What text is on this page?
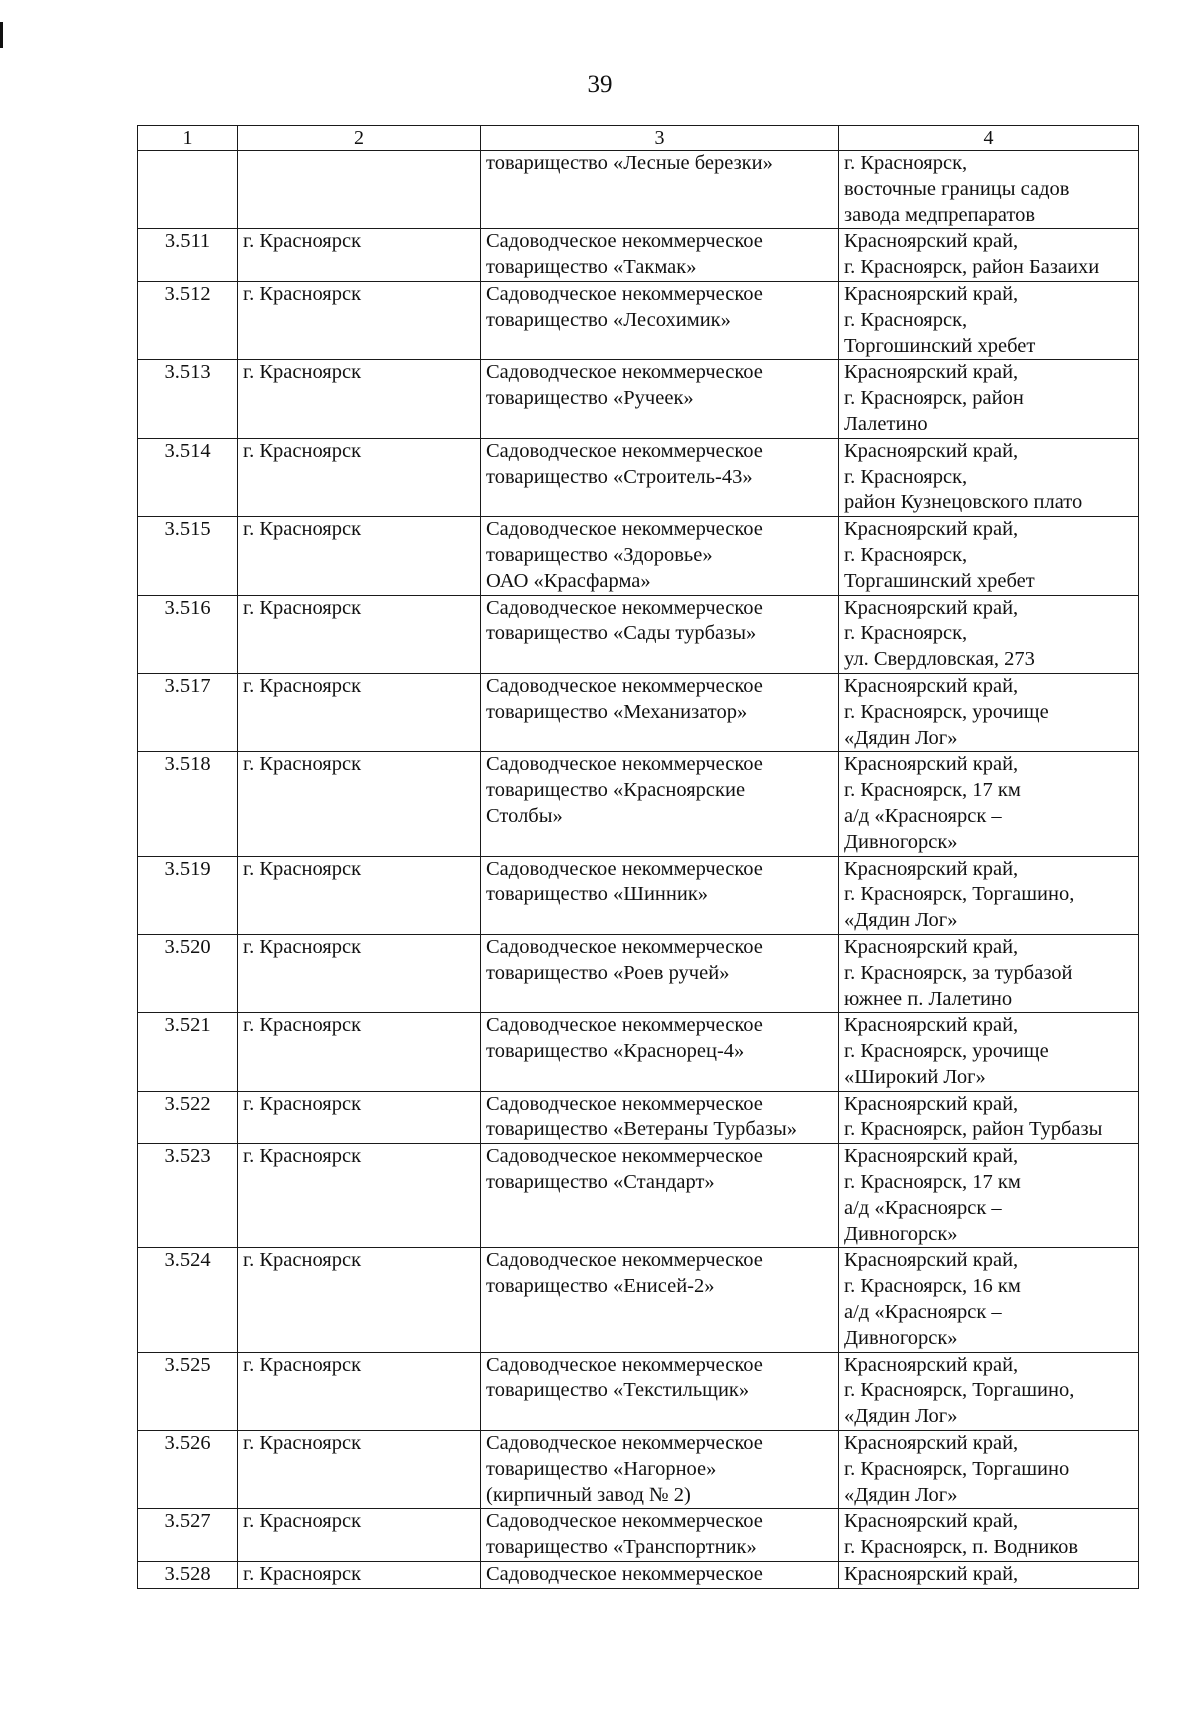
39
1	2	3	4
		товарищество «Лесные березки»	г. Красноярск,
восточные границы садов
завода медпрепаратов
3.511	г. Красноярск	Садоводческое некоммерческое
товарищество «Такмак»	Красноярский край,
г. Красноярск, район Базаихи
3.512	г. Красноярск	Садоводческое некоммерческое
товарищество «Лесохимик»	Красноярский край,
г. Красноярск,
Торгошинский хребет
3.513	г. Красноярск	Садоводческое некоммерческое
товарищество «Ручеек»	Красноярский край,
г. Красноярск, район
Лалетино
3.514	г. Красноярск	Садоводческое некоммерческое
товарищество «Строитель-43»	Красноярский край,
г. Красноярск,
район Кузнецовского плато
3.515	г. Красноярск	Садоводческое некоммерческое
товарищество «Здоровье»
ОАО «Красфарма»	Красноярский край,
г. Красноярск,
Торгашинский хребет
3.516	г. Красноярск	Садоводческое некоммерческое
товарищество «Сады турбазы»	Красноярский край,
г. Красноярск,
ул. Свердловская, 273
3.517	г. Красноярск	Садоводческое некоммерческое
товарищество «Механизатор»	Красноярский край,
г. Красноярск, урочище
«Дядин Лог»
3.518	г. Красноярск	Садоводческое некоммерческое
товарищество «Красноярские
Столбы»	Красноярский край,
г. Красноярск, 17 км
а/д «Красноярск –
Дивногорск»
3.519	г. Красноярск	Садоводческое некоммерческое
товарищество «Шинник»	Красноярский край,
г. Красноярск, Торгашино,
«Дядин Лог»
3.520	г. Красноярск	Садоводческое некоммерческое
товарищество «Роев ручей»	Красноярский край,
г. Красноярск, за турбазой
южнее п. Лалетино
3.521	г. Красноярск	Садоводческое некоммерческое
товарищество «Краснорец-4»	Красноярский край,
г. Красноярск, урочище
«Широкий Лог»
3.522	г. Красноярск	Садоводческое некоммерческое
товарищество «Ветераны Турбазы»	Красноярский край,
г. Красноярск, район Турбазы
3.523	г. Красноярск	Садоводческое некоммерческое
товарищество «Стандарт»	Красноярский край,
г. Красноярск, 17 км
а/д «Красноярск –
Дивногорск»
3.524	г. Красноярск	Садоводческое некоммерческое
товарищество «Енисей-2»	Красноярский край,
г. Красноярск, 16 км
а/д «Красноярск –
Дивногорск»
3.525	г. Красноярск	Садоводческое некоммерческое
товарищество «Текстильщик»	Красноярский край,
г. Красноярск, Торгашино,
«Дядин Лог»
3.526	г. Красноярск	Садоводческое некоммерческое
товарищество «Нагорное»
(кирпичный завод № 2)	Красноярский край,
г. Красноярск, Торгашино
«Дядин Лог»
3.527	г. Красноярск	Садоводческое некоммерческое
товарищество «Транспортник»	Красноярский край,
г. Красноярск, п. Водников
3.528	г. Красноярск	Садоводческое некоммерческое	Красноярский край,
